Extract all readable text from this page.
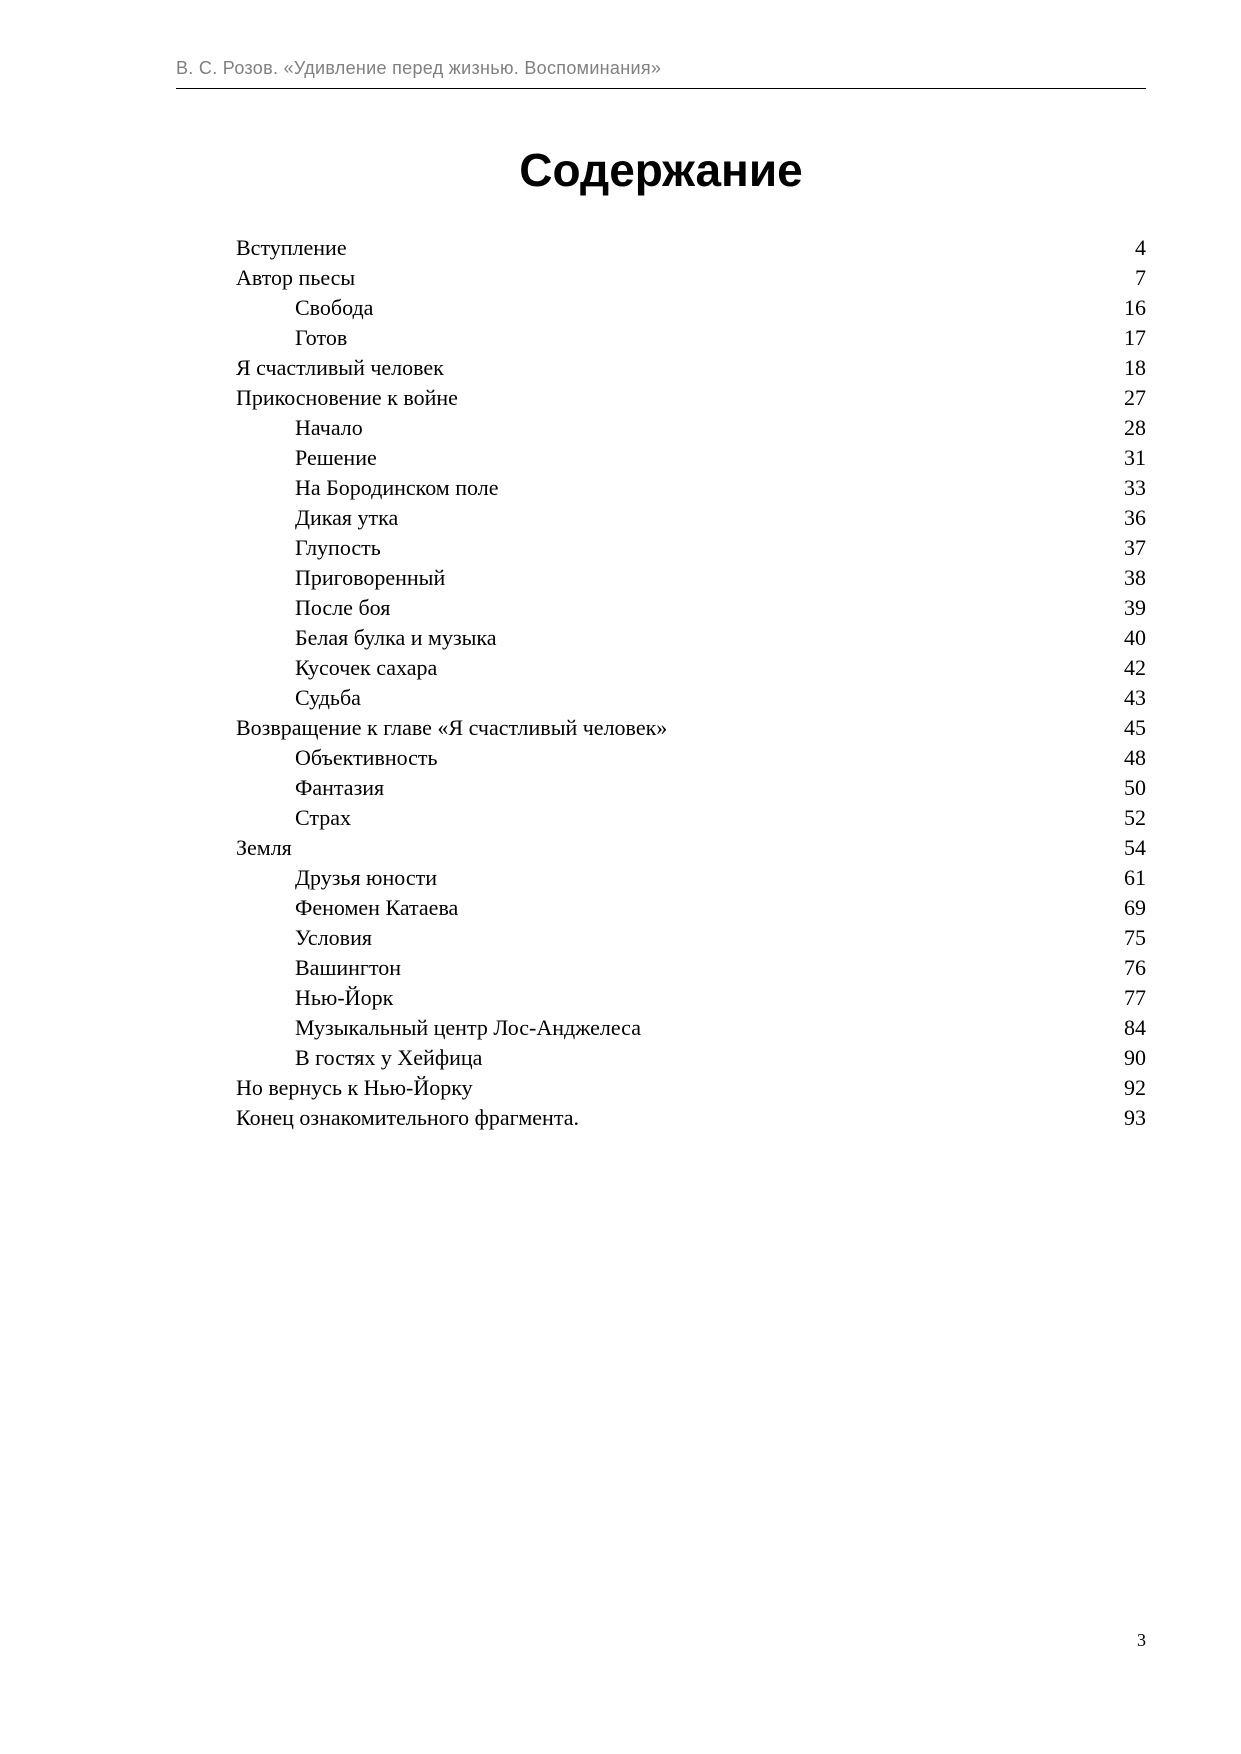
В. С. Розов. «Удивление перед жизнью. Воспоминания»
Содержание
Вступление	4
Автор пьесы	7
Свобода	16
Готов	17
Я счастливый человек	18
Прикосновение к войне	27
Начало	28
Решение	31
На Бородинском поле	33
Дикая утка	36
Глупость	37
Приговоренный	38
После боя	39
Белая булка и музыка	40
Кусочек сахара	42
Судьба	43
Возвращение к главе «Я счастливый человек»	45
Объективность	48
Фантазия	50
Страх	52
Земля	54
Друзья юности	61
Феномен Катаева	69
Условия	75
Вашингтон	76
Нью-Йорк	77
Музыкальный центр Лос-Анджелеса	84
В гостях у Хейфица	90
Но вернусь к Нью-Йорку	92
Конец ознакомительного фрагмента.	93
3
